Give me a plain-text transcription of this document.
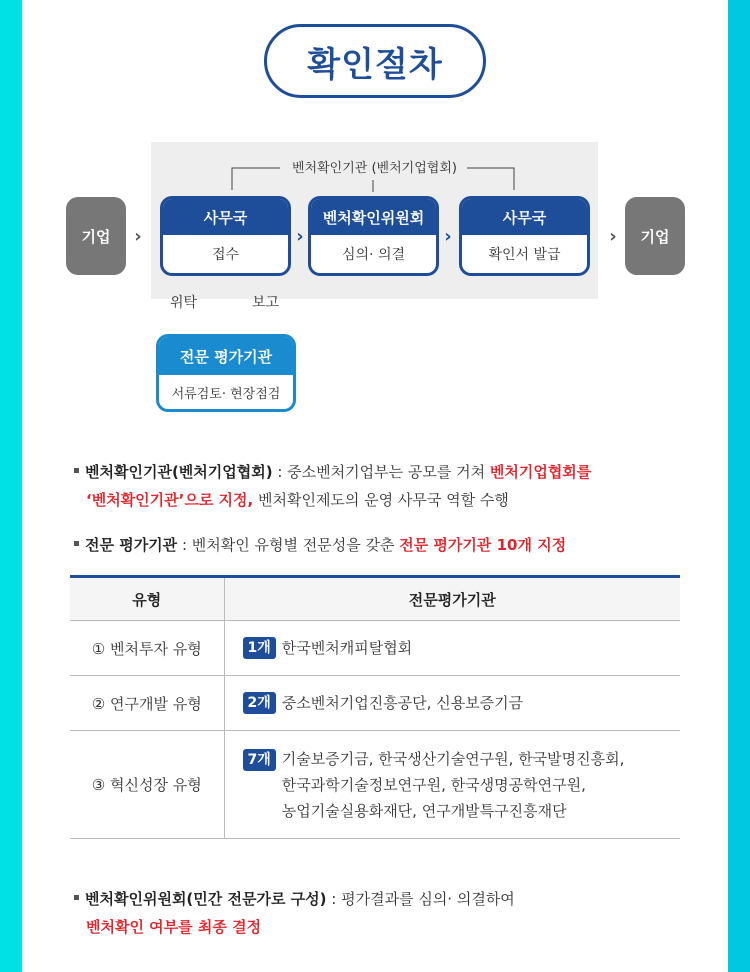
확인절차
벤처확인기관 (벤처기업협회)
기업	›
사무국
접수
›
벤처확인위원회
심의· 의결
›
사무국
확인서 발급
›	기업
위탁	보고
전문 평가기관
서류검토· 현장점검
벤처확인기관(벤처기업협회) : 중소벤처기업부는 공모를 거쳐 벤처기업협회를
‘벤처확인기관’으로 지정, 벤처확인제도의 운영 사무국 역할 수행
전문 평가기관 : 벤처확인 유형별 전문성을 갖춘 전문 평가기관 10개 지정
유형	전문평가기관
① 벤처투자 유형	1개 한국벤처캐피탈협회
② 연구개발 유형	2개 중소벤처기업진흥공단, 신용보증기금
③ 혁신성장 유형	7개 기술보증기금, 한국생산기술연구원, 한국발명진흥회,
한국과학기술정보연구원, 한국생명공학연구원,
농업기술실용화재단, 연구개발특구진흥재단
벤처확인위원회(민간 전문가로 구성) : 평가결과를 심의· 의결하여
벤처확인 여부를 최종 결정
